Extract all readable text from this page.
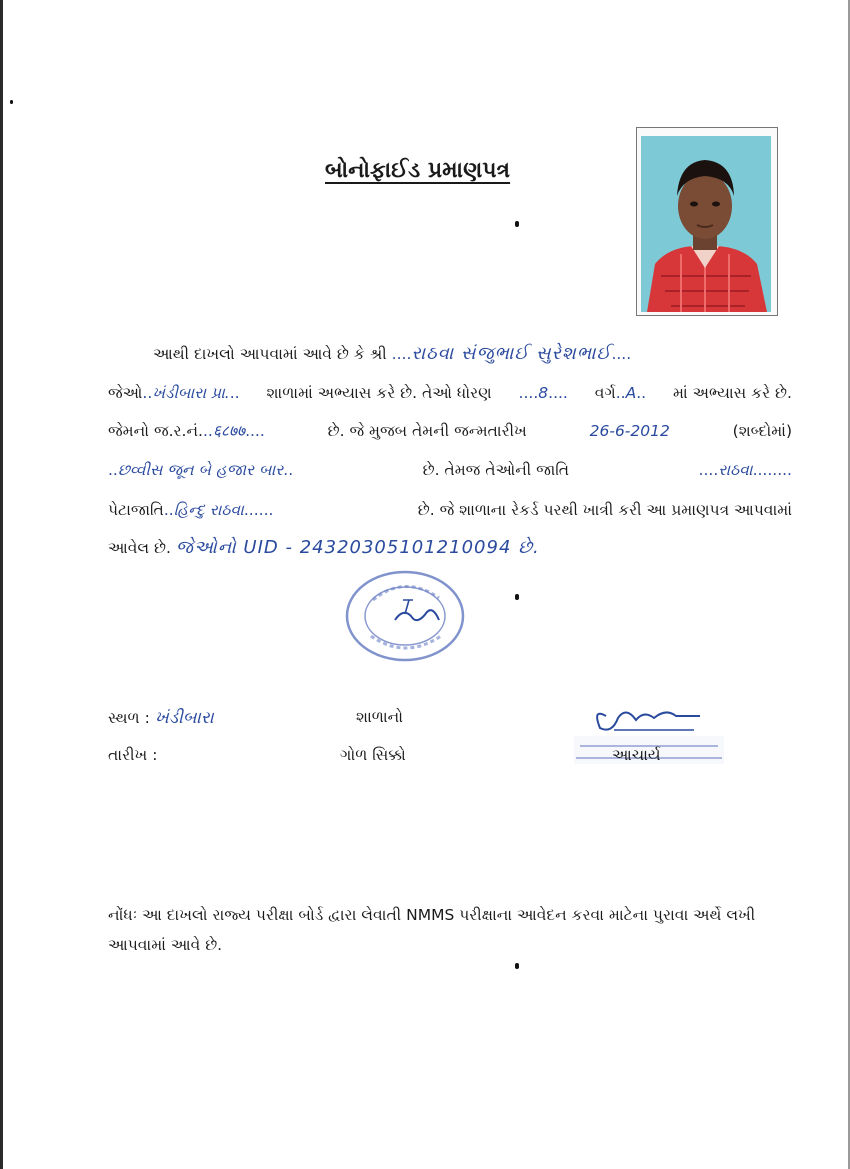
બોનોફાઈડ પ્રમાણપત્ર
આથી દાખલો આપવામાં આવે છે કે શ્રી ....રાઠવા સંજુભાઈ સુરેશભાઈ....
જેઓ..ખંડીબારા પ્રા... શાળામાં અભ્યાસ કરે છે. તેઓ ધોરણ ....8.... વર્ગ..A.. માં અભ્યાસ કરે છે.
જેમનો જ.ર.નં...६८७७....	છે. જે મુજબ તેમની જન્મતારીખ	26-6-2012	(શબ્દોમાં)
..છવ્વીસ જૂન બે હજાર બાર..	છે. તેમજ તેઓની જાતિ	....રાઠવા........
પેટાજાતિ..હિન્દુ રાઠવા......	છે. જે શાળાના રેકર્ડ પરથી ખાત્રી કરી આ પ્રમાણપત્ર આપવામાં
આવેલ છે. જેઓનો UID - 24320305101210094 છે.
સ્થળ : ખંડીબારા
તારીખ :
શાળાનો
ગોળ સિક્કો	આચાર્ય
નોંધઃ આ દાખલો રાજ્ય પરીક્ષા બોર્ડ દ્વારા લેવાતી NMMS પરીક્ષાના આવેદન કરવા માટેના પુરાવા અર્થે લખી આપવામાં આવે છે.
